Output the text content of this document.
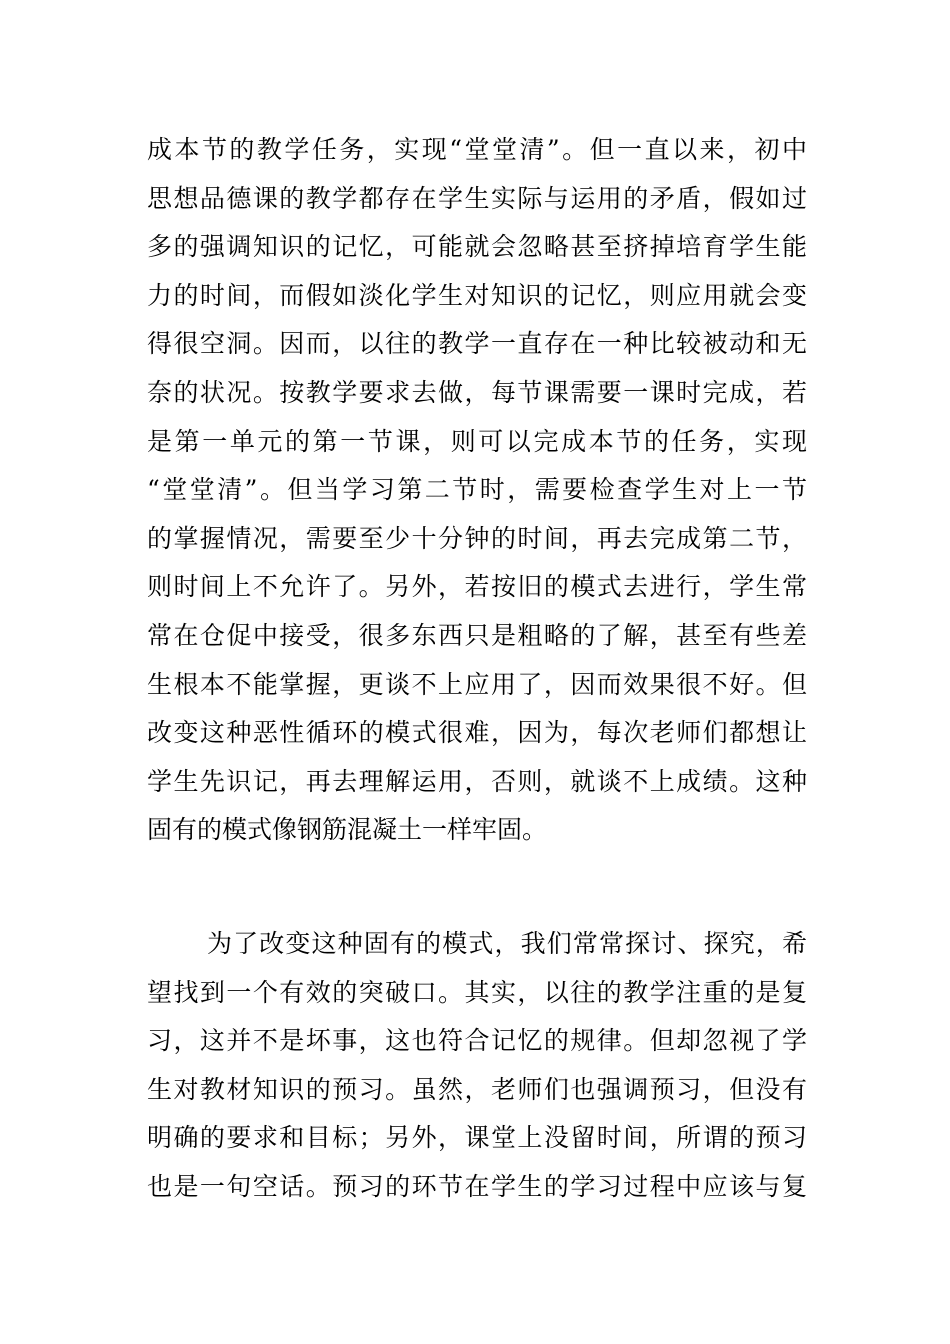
成本节的教学任务，实现“堂堂清”。但一直以来，初中
思想品德课的教学都存在学生实际与运用的矛盾，假如过
多的强调知识的记忆，可能就会忽略甚至挤掉培育学生能
力的时间，而假如淡化学生对知识的记忆，则应用就会变
得很空洞。因而，以往的教学一直存在一种比较被动和无
奈的状况。按教学要求去做，每节课需要一课时完成，若
是第一单元的第一节课，则可以完成本节的任务，实现
“堂堂清”。但当学习第二节时，需要检查学生对上一节
的掌握情况，需要至少十分钟的时间，再去完成第二节，
则时间上不允许了。另外，若按旧的模式去进行，学生常
常在仓促中接受，很多东西只是粗略的了解，甚至有些差
生根本不能掌握，更谈不上应用了，因而效果很不好。但
改变这种恶性循环的模式很难，因为，每次老师们都想让
学生先识记，再去理解运用，否则，就谈不上成绩。这种
固有的模式像钢筋混凝土一样牢固。
为了改变这种固有的模式，我们常常探讨、探究，希
望找到一个有效的突破口。其实，以往的教学注重的是复
习，这并不是坏事，这也符合记忆的规律。但却忽视了学
生对教材知识的预习。虽然，老师们也强调预习，但没有
明确的要求和目标；另外，课堂上没留时间，所谓的预习
也是一句空话。预习的环节在学生的学习过程中应该与复
